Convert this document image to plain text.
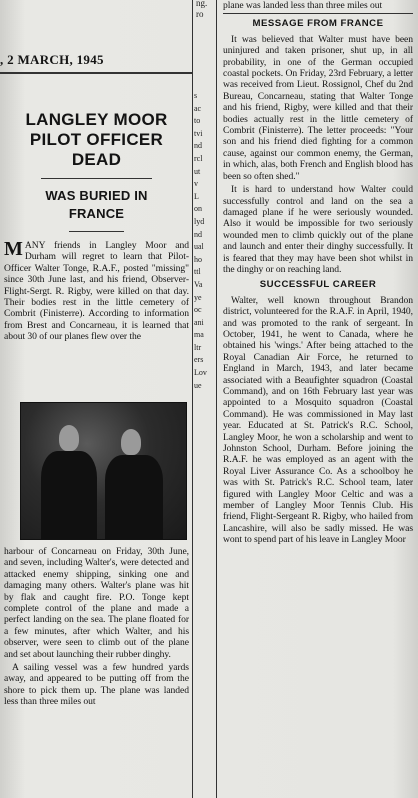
ng.
ro
, 2 MARCH, 1945
LANGLEY MOOR
PILOT OFFICER DEAD
WAS BURIED IN
FRANCE

MANY friends in Langley Moor and Durham will regret to learn that Pilot-Officer Walter Tonge, R.A.F., posted "missing" since 30th June last, and his friend, Observer-Flight-Sergt. R. Rigby, were killed on that day. Their bodies rest in the little cemetery of Combrit (Finisterre). According to information from Brest and Concarneau, it is learned that about 30 of our planes flew over the

harbour of Concarneau on Friday, 30th June, and seven, including Walter's, were detected and attacked enemy shipping, sinking one and damaging many others. Walter's plane was hit by flak and caught fire. P.O. Tonge kept complete control of the plane and made a perfect landing on the sea. The plane floated for a few minutes, after which Walter, and his observer, were seen to climb out of the plane and set about launching their rubber dinghy.

A sailing vessel was a few hundred yards away, and appeared to be putting off from the shore to pick them up. The plane was landed less than three miles out

s
ac
to
tvi
nd
rcl
ut
v
L
on
lyd
nd
ual
ho
ttl
Va
ye
oc
ani
ma
ltr
ers
Lov
ue

plane was landed less than three miles out

MESSAGE FROM FRANCE

It was believed that Walter must have been uninjured and taken prisoner, shut up, in all probability, in one of the German occupied coastal pockets. On Friday, 23rd February, a letter was received from Lieut. Rossignol, Chef du 2nd Bureau, Concarneau, stating that Walter Tonge and his friend, Rigby, were killed and that their bodies actually rest in the little cemetery of Combrit (Finisterre). The letter proceeds: "Your son and his friend died fighting for a common cause, against our common enemy, the German, in which, alas, both French and English blood has been so often shed."

It is hard to understand how Walter could successfully control and land on the sea a damaged plane if he were seriously wounded. Also it would be impossible for two seriously wounded men to climb quickly out of the plane and launch and enter their dinghy successfully. It is feared that they may have been shot whilst in the dinghy or on reaching land.

SUCCESSFUL CAREER

Walter, well known throughout Brandon district, volunteered for the R.A.F. in April, 1940, and was promoted to the rank of sergeant. In October, 1941, he went to Canada, where he obtained his 'wings.' After being attached to the Royal Canadian Air Force, he returned to England in March, 1943, and later became associated with a Beaufighter squadron (Coastal Command), and on 16th February last year was appointed to a Mosquito squadron (Coastal Command). He was commissioned in May last year. Educated at St. Patrick's R.C. School, Langley Moor, he won a scholarship and went to Johnston School, Durham. Before joining the R.A.F. he was employed as an agent with the Royal Liver Assurance Co. As a schoolboy he was with St. Patrick's R.C. School team, later figured with Langley Moor Celtic and was a member of Langley Moor Tennis Club. His friend, Flight-Sergeant R. Rigby, who hailed from Lancashire, will also be sadly missed. He was wont to spend part of his leave in Langley Moor
